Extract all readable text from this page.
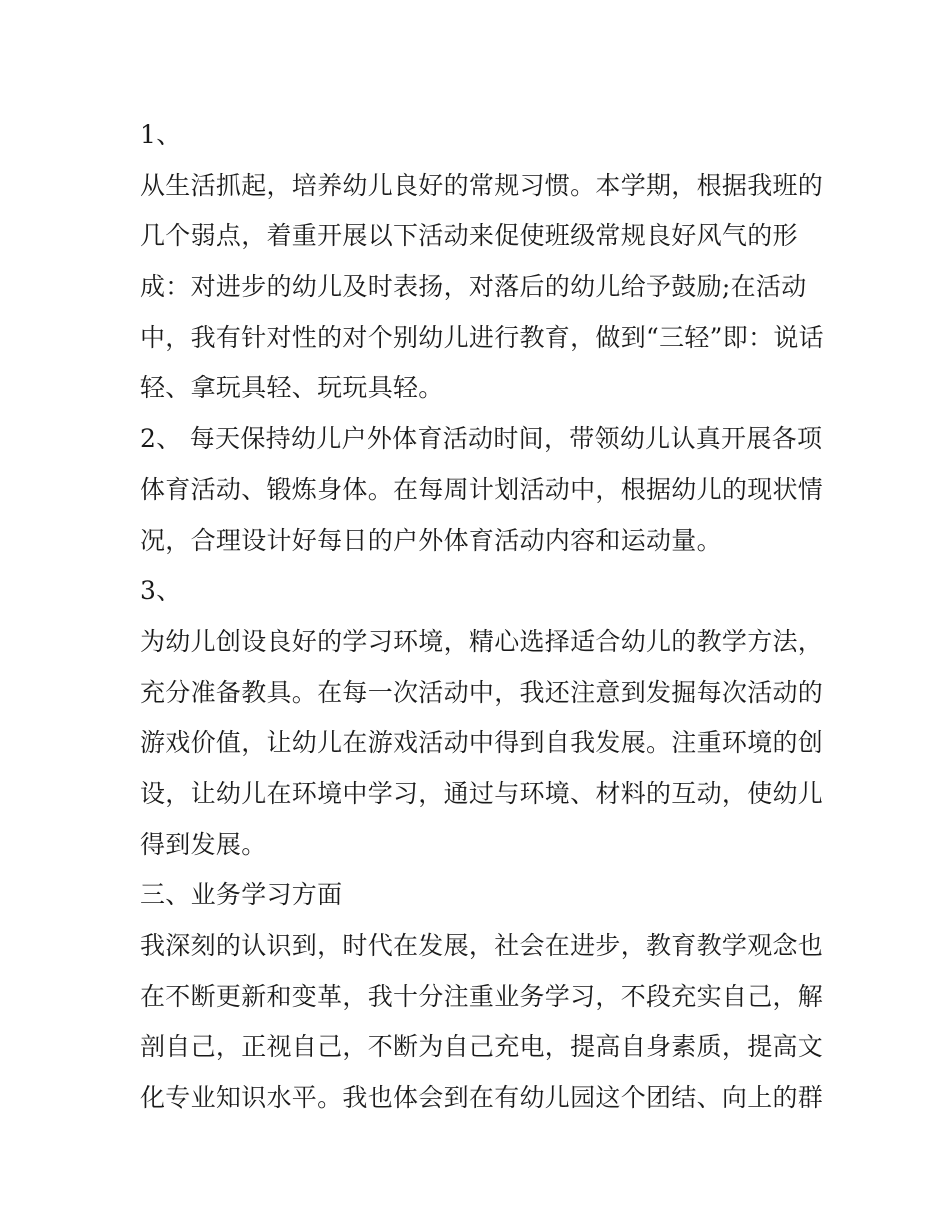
1、
从生活抓起，培养幼儿良好的常规习惯。本学期，根据我班的
几个弱点，着重开展以下活动来促使班级常规良好风气的形
成：对进步的幼儿及时表扬，对落后的幼儿给予鼓励;在活动
中，我有针对性的对个别幼儿进行教育，做到“三轻”即：说话
轻、拿玩具轻、玩玩具轻。
2、 每天保持幼儿户外体育活动时间，带领幼儿认真开展各项
体育活动、锻炼身体。在每周计划活动中，根据幼儿的现状情
况，合理设计好每日的户外体育活动内容和运动量。
3、
为幼儿创设良好的学习环境，精心选择适合幼儿的教学方法，
充分准备教具。在每一次活动中，我还注意到发掘每次活动的
游戏价值，让幼儿在游戏活动中得到自我发展。注重环境的创
设，让幼儿在环境中学习，通过与环境、材料的互动，使幼儿
得到发展。
三、业务学习方面
我深刻的认识到，时代在发展，社会在进步，教育教学观念也
在不断更新和变革，我十分注重业务学习，不段充实自己，解
剖自己，正视自己，不断为自己充电，提高自身素质，提高文
化专业知识水平。我也体会到在有幼儿园这个团结、向上的群
